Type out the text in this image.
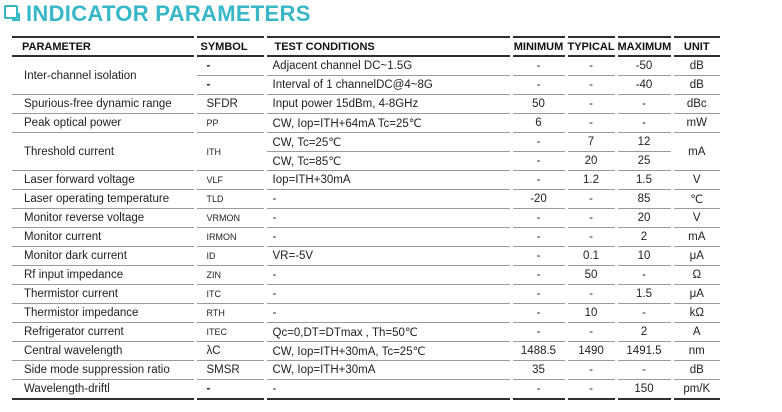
INDICATOR PARAMETERS
PARAMETER	SYMBOL	TEST CONDITIONS	MINIMUM	TYPICAL	MAXIMUM	UNIT
Inter-channel isolation	-	Adjacent channel DC~1.5G	-	-	-50	dB
	-	Interval of 1 channelDC@4~8G	-	-	-40	dB
Spurious-free dynamic range	SFDR	Input power 15dBm, 4-8GHz	50	-	-	dBc
Peak optical power	PP	CW, Iop=ITH+64mA Tc=25℃	6	-	-	mW
Threshold current	ITH	CW, Tc=25℃	-	7	12	mA
		CW, Tc=85℃	-	20	25	
Laser forward voltage	VLF	Iop=ITH+30mA	-	1.2	1.5	V
Laser operating temperature	TLD	-	-20	-	85	℃
Monitor reverse voltage	VRMON	-	-	-	20	V
Monitor current	IRMON	-	-	-	2	mA
Monitor dark current	ID	VR=-5V	-	0.1	10	μA
Rf input impedance	ZIN	-	-	50	-	Ω
Thermistor current	ITC	-	-	-	1.5	μA
Thermistor impedance	RTH	-	-	10	-	kΩ
Refrigerator current	ITEC	Qc=0,DT=DTmax , Th=50℃	-	-	2	A
Central wavelength	λC	CW, Iop=ITH+30mA, Tc=25℃	1488.5	1490	1491.5	nm
Side mode suppression ratio	SMSR	CW, Iop=ITH+30mA	35	-	-	dB
Wavelength-driftl	-	-	-	-	150	pm/K
